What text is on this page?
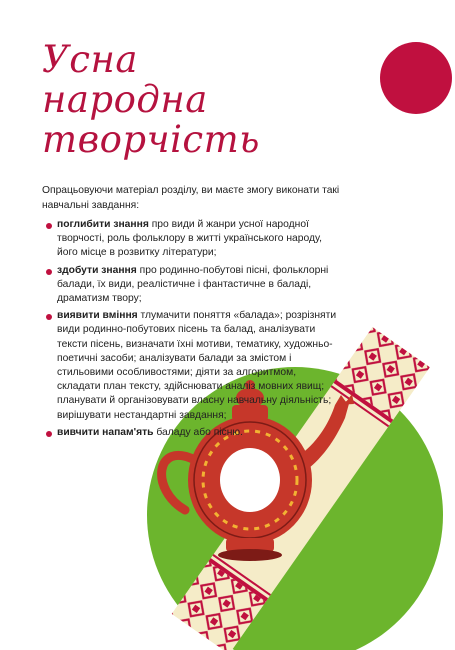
Усна
народна
творчість

Опрацьовуючи матеріал розділу, ви маєте змогу виконати такі навчальні завдання:

поглибити знання про види й жанри усної народної творчості, роль фольклору в житті українського народу, його місце в розвитку літератури;
здобути знання про родинно-побутові пісні, фольклорні балади, їх види, реалістичне і фантастичне в баладі, драматизм твору;
виявити вміння тлумачити поняття «балада»; розрізняти види родинно-побутових пісень та балад, аналізувати тексти пісень, визначати їхні мотиви, тематику, художньо-поетичні засоби; аналізувати балади за змістом і стильовими особливостями; діяти за алгоритмом, складати план тексту, здійснювати аналіз мовних явищ; планувати й організовувати власну навчальну діяльність; вирішувати нестандартні завдання;
вивчити напам'ять баладу або пісню.
